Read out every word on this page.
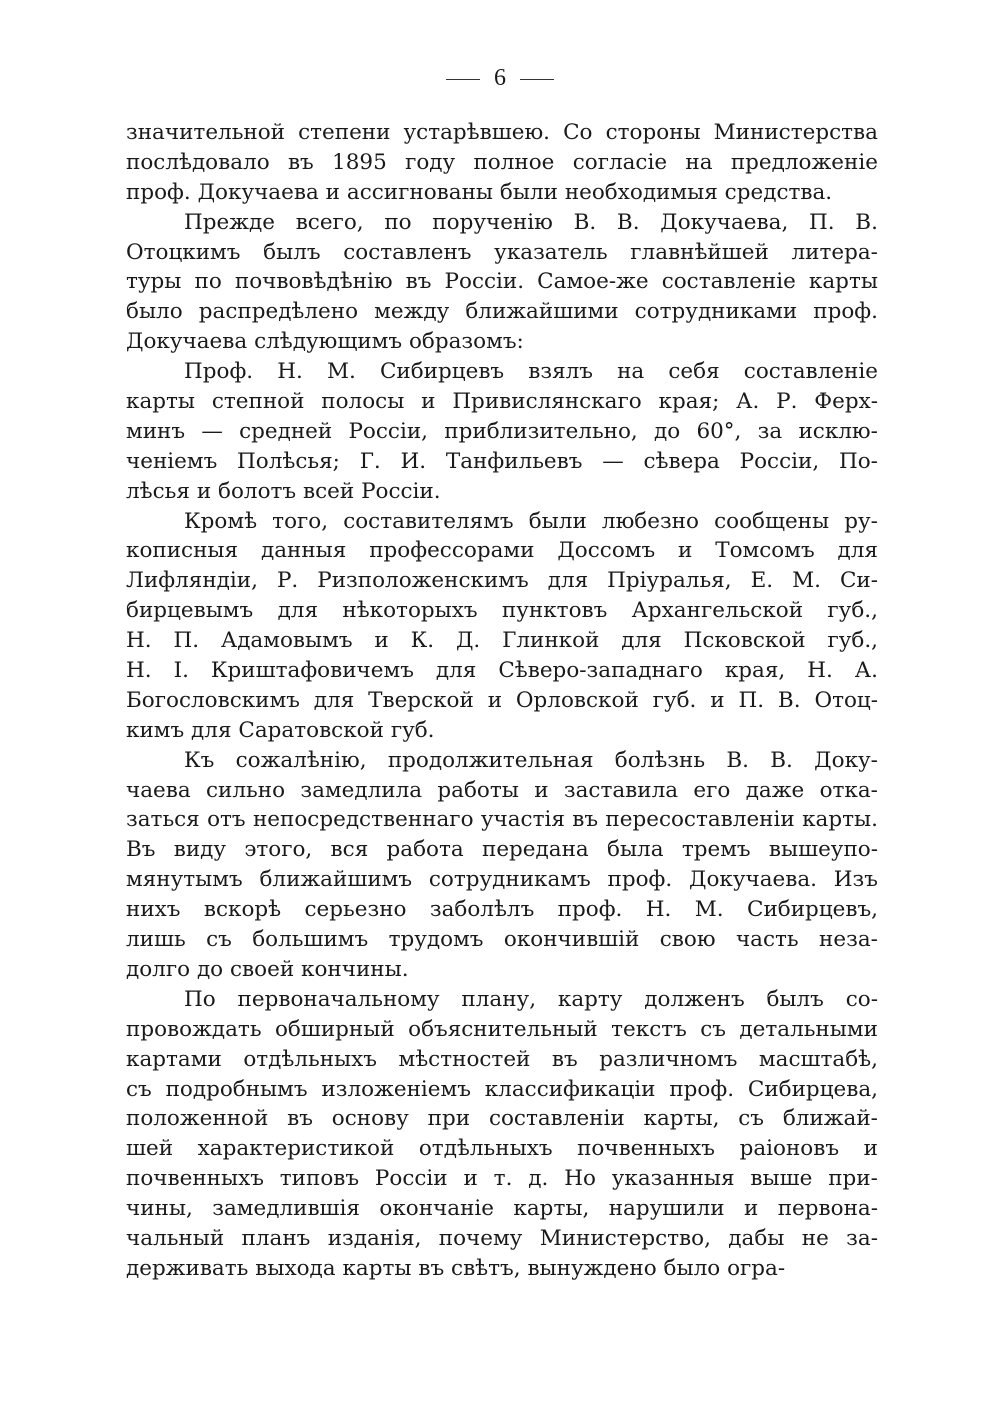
6
значительной степени устарѣвшею. Со стороны Министерства
послѣдовало въ 1895 году полное согласіе на предложеніе
проф. Докучаева и ассигнованы были необходимыя средства.
Прежде всего, по порученію В. В. Докучаева, П. В.
Отоцкимъ былъ составленъ указатель главнѣйшей литера-
туры по почвовѣдѣнію въ Россіи. Самое-же составленіе карты
было распредѣлено между ближайшими сотрудниками проф.
Докучаева слѣдующимъ образомъ:
Проф. Н. М. Сибирцевъ взялъ на себя составленіе
карты степной полосы и Привислянскаго края; А. Р. Ферх-
минъ — средней Россіи, приблизительно, до 60°, за исклю-
ченіемъ Полѣсья; Г. И. Танфильевъ — сѣвера Россіи, По-
лѣсья и болотъ всей Россіи.
Кромѣ того, составителямъ были любезно сообщены ру-
кописныя данныя профессорами Доссомъ и Томсомъ для
Лифляндіи, Р. Ризположенскимъ для Пріуралья, Е. М. Си-
бирцевымъ для нѣкоторыхъ пунктовъ Архангельской губ.,
Н. П. Адамовымъ и К. Д. Глинкой для Псковской губ.,
Н. І. Криштафовичемъ для Сѣверо-западнаго края, Н. А.
Богословскимъ для Тверской и Орловской губ. и П. В. Отоц-
кимъ для Саратовской губ.
Къ сожалѣнію, продолжительная болѣзнь В. В. Доку-
чаева сильно замедлила работы и заставила его даже отка-
заться отъ непосредственнаго участія въ пересоставленіи карты.
Въ виду этого, вся работа передана была тремъ вышеупо-
мянутымъ ближайшимъ сотрудникамъ проф. Докучаева. Изъ
нихъ вскорѣ серьезно заболѣлъ проф. Н. М. Сибирцевъ,
лишь съ большимъ трудомъ окончившій свою часть неза-
долго до своей кончины.
По первоначальному плану, карту долженъ былъ со-
провождать обширный объяснительный текстъ съ детальными
картами отдѣльныхъ мѣстностей въ различномъ масштабѣ,
съ подробнымъ изложеніемъ классификаціи проф. Сибирцева,
положенной въ основу при составленіи карты, съ ближай-
шей характеристикой отдѣльныхъ почвенныхъ раіоновъ и
почвенныхъ типовъ Россіи и т. д. Но указанныя выше при-
чины, замедлившія окончаніе карты, нарушили и первона-
чальный планъ изданія, почему Министерство, дабы не за-
держивать выхода карты въ свѣтъ, вынуждено было огра-
